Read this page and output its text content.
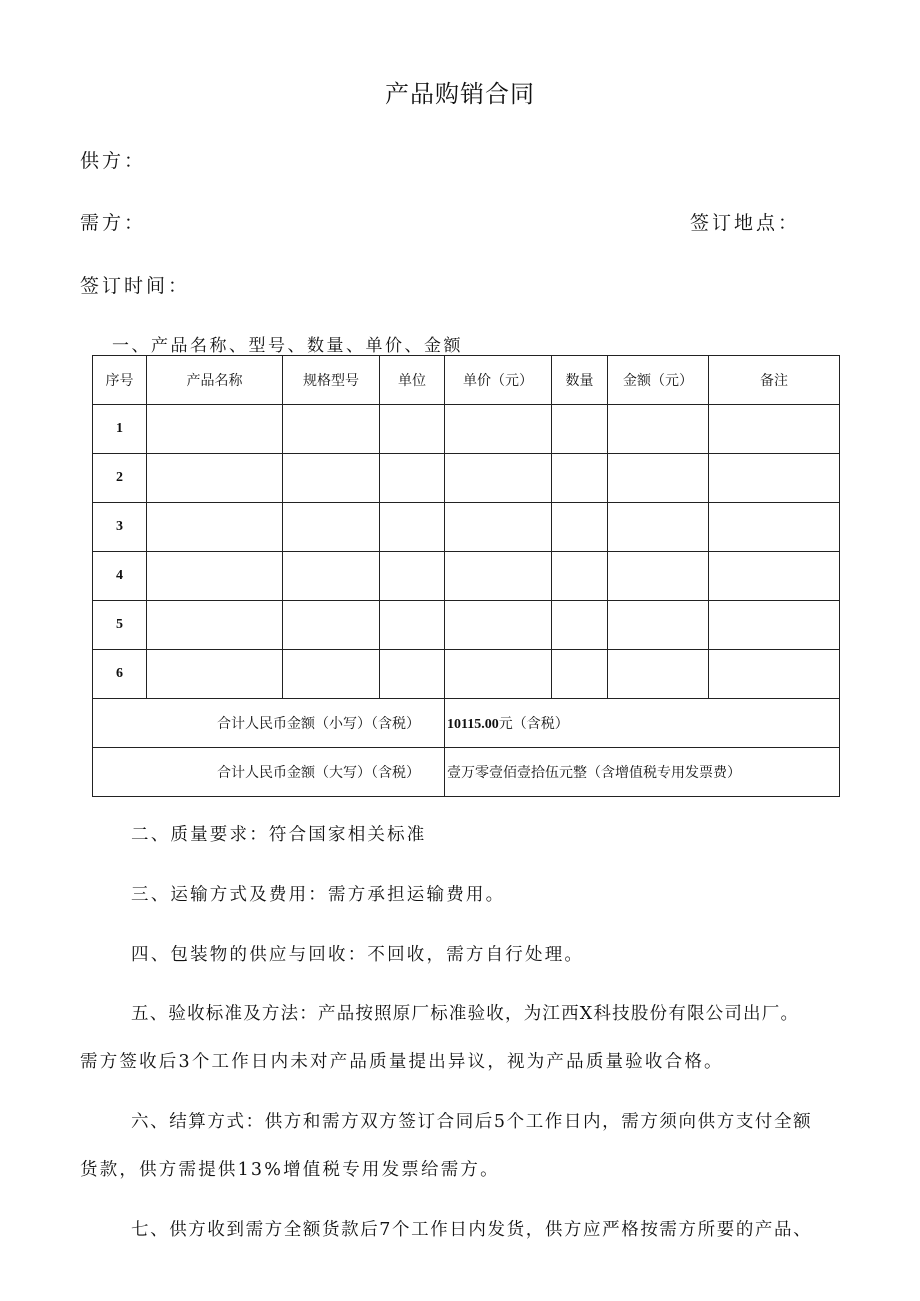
产品购销合同
供方：
需方：	签订地点：
签订时间：
一、产品名称、型号、数量、单价、金额
序号	产品名称	规格型号	单位	单价（元）	数量	金额（元）	备注
1							
2							
3							
4							
5							
6							
合计人民币金额（小写）（含税）				10115.00元（含税）			
合计人民币金额（大写）（含税）				壹万零壹佰壹拾伍元整（含增值税专用发票费）			
二、质量要求：符合国家相关标准
三、运输方式及费用：需方承担运输费用。
四、包装物的供应与回收：不回收，需方自行处理。
五、验收标准及方法：产品按照原厂标准验收，为江西X科技股份有限公司出厂。
需方签收后3个工作日内未对产品质量提出异议，视为产品质量验收合格。
六、结算方式：供方和需方双方签订合同后5个工作日内，需方须向供方支付全额
货款，供方需提供13%增值税专用发票给需方。
七、供方收到需方全额货款后7个工作日内发货，供方应严格按需方所要的产品、
